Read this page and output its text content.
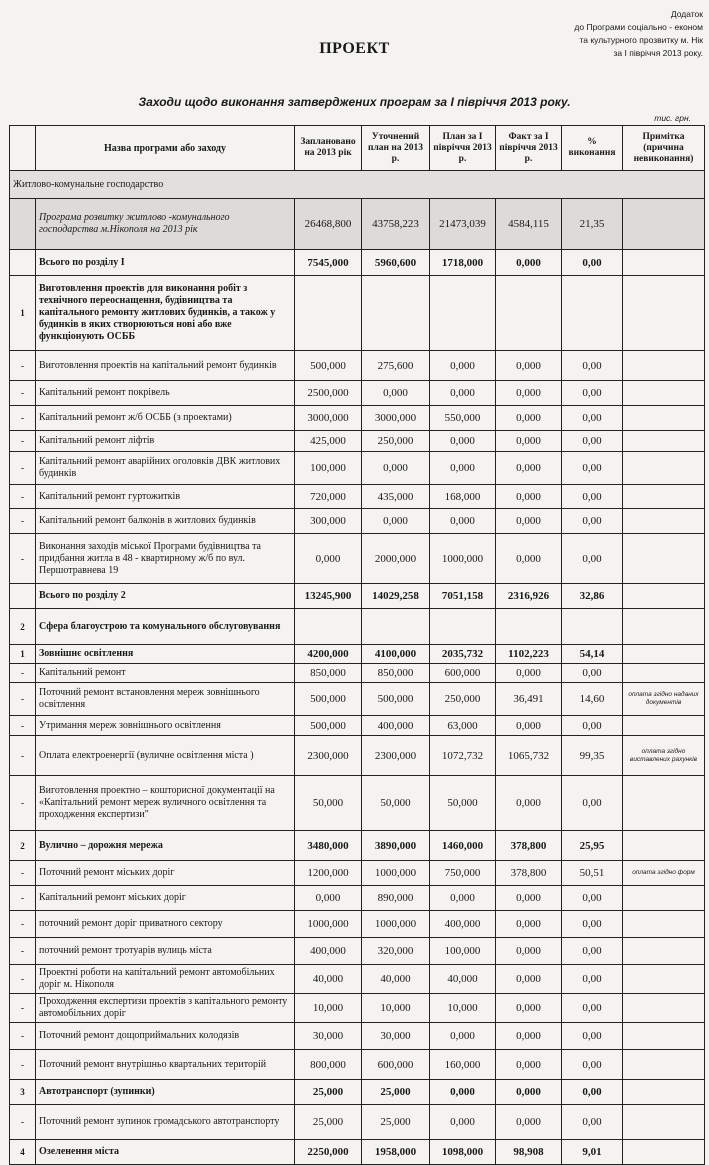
Додаток
до Програми соціально - економ
та культурного прозвитку м. Нік
за I півріччя 2013 року.
ПРОЕКТ
Заходи щодо виконання затверджених програм за I півріччя 2013 року.
тис. грн.
	Назва програми або заходу	Заплановано на 2013 рік	Уточнений план на 2013 р.	План за I півріччя 2013 р.	Факт за I півріччя 2013 р.	% виконання	Примітка (причина невиконання)
Житлово-комунальне господарство							
	Програма розвитку житлово -комунального господарства м.Нікополя на 2013 рік	26468,800	43758,223	21473,039	4584,115	21,35	
	Всього по розділу I	7545,000	5960,600	1718,000	0,000	0,00	
1	Виготовлення проектів для виконання робіт з технічного переоснащення, будівництва та капітального ремонту житлових будинків, а також у будинків в яких створюються нові або вже функціонують ОСББ						
-	Виготовлення проектів на капітальний ремонт будинків	500,000	275,600	0,000	0,000	0,00	
-	Капітальний ремонт покрівель	2500,000	0,000	0,000	0,000	0,00	
-	Капітальний ремонт ж/б ОСББ (з проектами)	3000,000	3000,000	550,000	0,000	0,00	
-	Капітальний ремонт ліфтів	425,000	250,000	0,000	0,000	0,00	
-	Капітальний ремонт аварійних оголовків ДВК житлових будинків	100,000	0,000	0,000	0,000	0,00	
-	Капітальний ремонт гуртожитків	720,000	435,000	168,000	0,000	0,00	
-	Капітальний ремонт балконів в житлових будинків	300,000	0,000	0,000	0,000	0,00	
-	Виконання заходів міської Програми будівництва та придбання житла в 48 - квартирному ж/б по вул. Першотравнева 19	0,000	2000,000	1000,000	0,000	0,00	
	Всього по розділу 2	13245,900	14029,258	7051,158	2316,926	32,86	
2	Сфера благоустрою та комунального обслуговування						
1	Зовнішнє освітлення	4200,000	4100,000	2035,732	1102,223	54,14	
-	Капітальний ремонт	850,000	850,000	600,000	0,000	0,00	
-	Поточний ремонт встановлення мереж зовнішнього освітлення	500,000	500,000	250,000	36,491	14,60	оплата згідно наданих документів
-	Утримання мереж зовнішнього освітлення	500,000	400,000	63,000	0,000	0,00	
-	Оплата електроенергії (вуличне освітлення міста )	2300,000	2300,000	1072,732	1065,732	99,35	оплата згідно виставлених рахунків
-	Виготовлення проектно – кошторисної документації на «Капітальний ремонт мереж вуличного освітлення та проходження експертизи"	50,000	50,000	50,000	0,000	0,00	
2	Вулично – дорожня мережа	3480,000	3890,000	1460,000	378,800	25,95	
-	Поточний ремонт міських доріг	1200,000	1000,000	750,000	378,800	50,51	оплата згідно форм
-	Капітальний ремонт міських доріг	0,000	890,000	0,000	0,000	0,00	
-	поточний ремонт доріг приватного сектору	1000,000	1000,000	400,000	0,000	0,00	
-	поточний ремонт тротуарів вулиць міста	400,000	320,000	100,000	0,000	0,00	
-	Проектні роботи на капітальний ремонт автомобільних доріг м. Нікополя	40,000	40,000	40,000	0,000	0,00	
-	Проходження експертизи проектів з капітального ремонту автомобільних доріг	10,000	10,000	10,000	0,000	0,00	
-	Поточний ремонт дощоприймальних колодязів	30,000	30,000	0,000	0,000	0,00	
-	Поточний ремонт внутрішньо квартальних територій	800,000	600,000	160,000	0,000	0,00	
3	Автотранспорт (зупинки)	25,000	25,000	0,000	0,000	0,00	
-	Поточний ремонт зупинок громадського автотранспорту	25,000	25,000	0,000	0,000	0,00	
4	Озеленення міста	2250,000	1958,000	1098,000	98,908	9,01	
